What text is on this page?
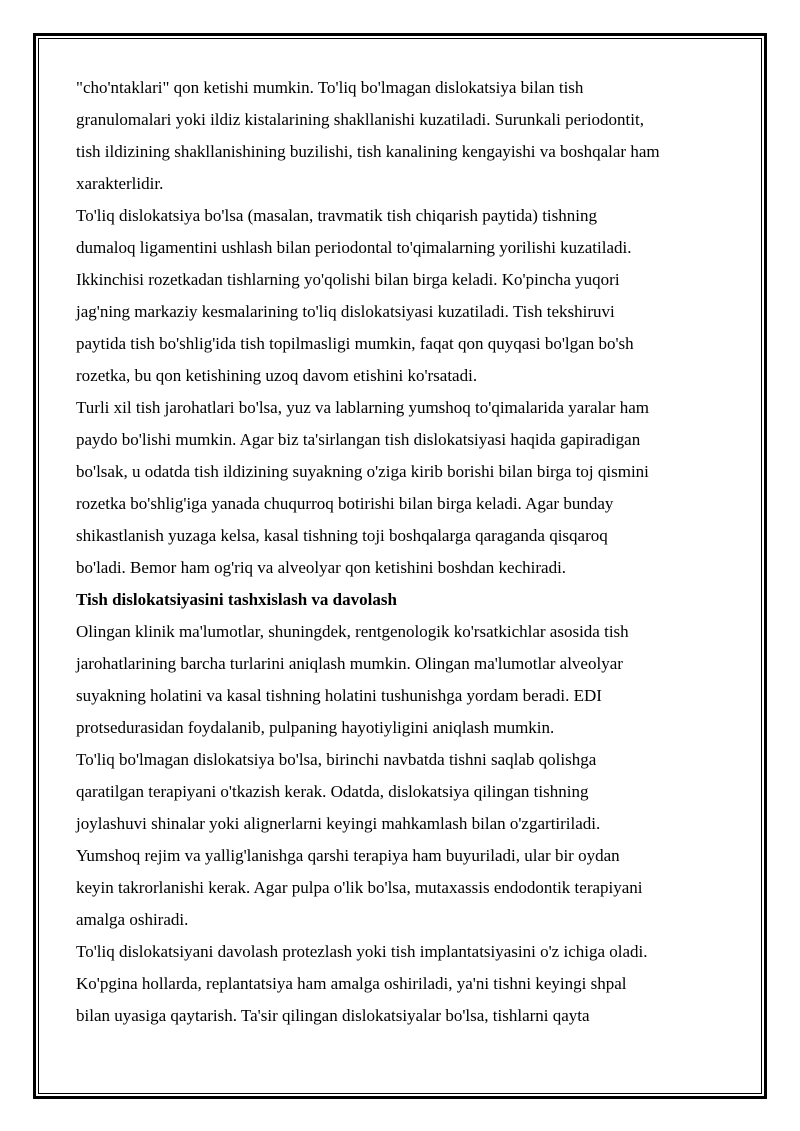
"cho'ntaklari" qon ketishi mumkin. To'liq bo'lmagan dislokatsiya bilan tish
granulomalari yoki ildiz kistalarining shakllanishi kuzatiladi. Surunkali periodontit,
tish ildizining shakllanishining buzilishi, tish kanalining kengayishi va boshqalar ham
xarakterlidir.
To'liq dislokatsiya bo'lsa (masalan, travmatik tish chiqarish paytida) tishning
dumaloq ligamentini ushlash bilan periodontal to'qimalarning yorilishi kuzatiladi.
Ikkinchisi rozetkadan tishlarning yo'qolishi bilan birga keladi. Ko'pincha yuqori
jag'ning markaziy kesmalarining to'liq dislokatsiyasi kuzatiladi. Tish tekshiruvi
paytida tish bo'shlig'ida tish topilmasligi mumkin, faqat qon quyqasi bo'lgan bo'sh
rozetka, bu qon ketishining uzoq davom etishini ko'rsatadi.
Turli xil tish jarohatlari bo'lsa, yuz va lablarning yumshoq to'qimalarida yaralar ham
paydo bo'lishi mumkin. Agar biz ta'sirlangan tish dislokatsiyasi haqida gapiradigan
bo'lsak, u odatda tish ildizining suyakning o'ziga kirib borishi bilan birga toj qismini
rozetka bo'shlig'iga yanada chuqurroq botirishi bilan birga keladi. Agar bunday
shikastlanish yuzaga kelsa, kasal tishning toji boshqalarga qaraganda qisqaroq
bo'ladi. Bemor ham og'riq va alveolyar qon ketishini boshdan kechiradi.
Tish dislokatsiyasini tashxislash va davolash
Olingan klinik ma'lumotlar, shuningdek, rentgenologik ko'rsatkichlar asosida tish
jarohatlarining barcha turlarini aniqlash mumkin. Olingan ma'lumotlar alveolyar
suyakning holatini va kasal tishning holatini tushunishga yordam beradi. EDI
protsedurasidan foydalanib, pulpaning hayotiyligini aniqlash mumkin.
To'liq bo'lmagan dislokatsiya bo'lsa, birinchi navbatda tishni saqlab qolishga
qaratilgan terapiyani o'tkazish kerak. Odatda, dislokatsiya qilingan tishning
joylashuvi shinalar yoki alignerlarni keyingi mahkamlash bilan o'zgartiriladi.
Yumshoq rejim va yallig'lanishga qarshi terapiya ham buyuriladi, ular bir oydan
keyin takrorlanishi kerak. Agar pulpa o'lik bo'lsa, mutaxassis endodontik terapiyani
amalga oshiradi.
To'liq dislokatsiyani davolash protezlash yoki tish implantatsiyasini o'z ichiga oladi.
Ko'pgina hollarda, replantatsiya ham amalga oshiriladi, ya'ni tishni keyingi shpal
bilan uyasiga qaytarish. Ta'sir qilingan dislokatsiyalar bo'lsa, tishlarni qayta
